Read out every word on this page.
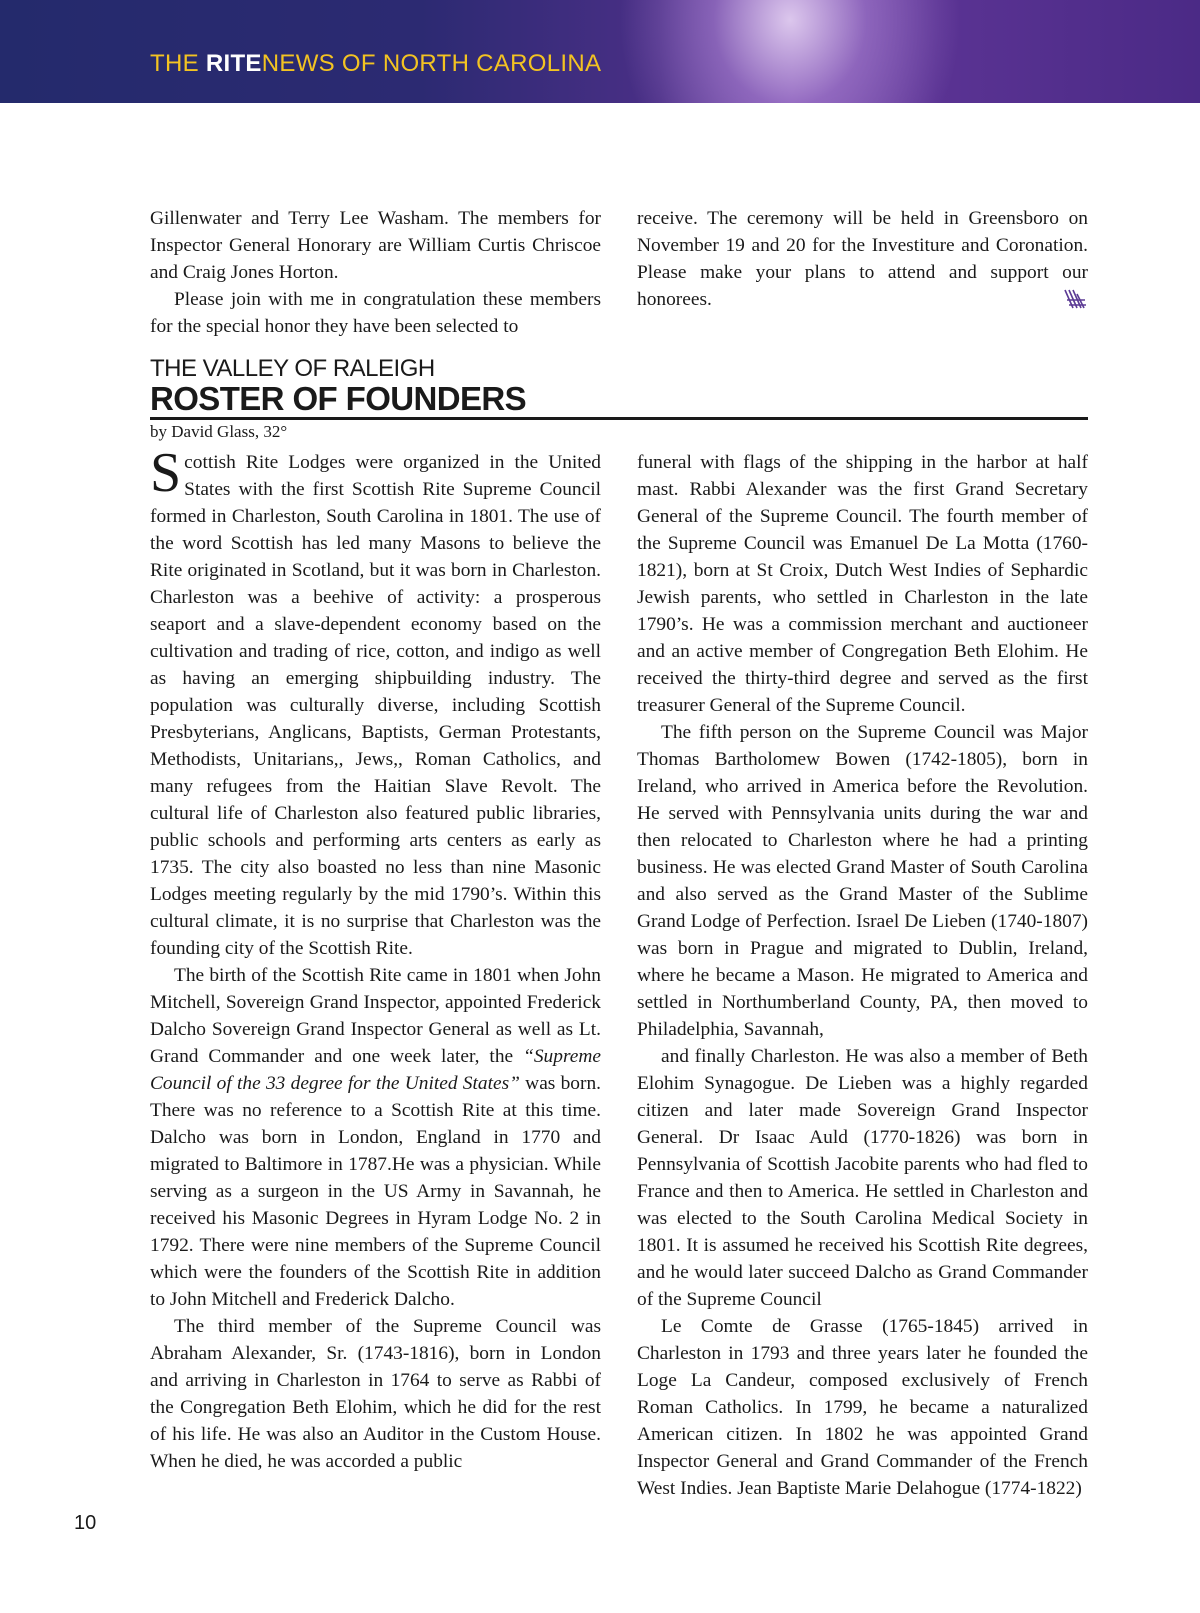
THE RITENEWS OF NORTH CAROLINA

Gillenwater and Terry Lee Washam. The members for Inspector General Honorary are William Curtis Chriscoe and Craig Jones Horton.

Please join with me in congratulation these members for the special honor they have been selected to

receive. The ceremony will be held in Greensboro on November 19 and 20 for the Investiture and Coronation. Please make your plans to attend and support our honorees.

THE VALLEY OF RALEIGH
ROSTER OF FOUNDERS
by David Glass, 32°

Scottish Rite Lodges were organized in the United States with the first Scottish Rite Supreme Council formed in Charleston, South Carolina in 1801. The use of the word Scottish has led many Masons to believe the Rite originated in Scotland, but it was born in Charleston. Charleston was a beehive of activity: a prosperous seaport and a slave-dependent economy based on the cultivation and trading of rice, cotton, and indigo as well as having an emerging shipbuilding industry. The population was culturally diverse, including Scottish Presbyterians, Anglicans, Baptists, German Protestants, Methodists, Unitarians,, Jews,, Roman Catholics, and many refugees from the Haitian Slave Revolt. The cultural life of Charleston also featured public libraries, public schools and performing arts centers as early as 1735. The city also boasted no less than nine Masonic Lodges meeting regularly by the mid 1790’s. Within this cultural climate, it is no surprise that Charleston was the founding city of the Scottish Rite.

The birth of the Scottish Rite came in 1801 when John Mitchell, Sovereign Grand Inspector, appointed Frederick Dalcho Sovereign Grand Inspector General as well as Lt. Grand Commander and one week later, the “Supreme Council of the 33 degree for the United States” was born. There was no reference to a Scottish Rite at this time. Dalcho was born in London, England in 1770 and migrated to Baltimore in 1787.He was a physician. While serving as a surgeon in the US Army in Savannah, he received his Masonic Degrees in Hyram Lodge No. 2 in 1792. There were nine members of the Supreme Council which were the founders of the Scottish Rite in addition to John Mitchell and Frederick Dalcho.

The third member of the Supreme Council was Abraham Alexander, Sr. (1743-1816), born in London and arriving in Charleston in 1764 to serve as Rabbi of the Congregation Beth Elohim, which he did for the rest of his life. He was also an Auditor in the Custom House. When he died, he was accorded a public

funeral with flags of the shipping in the harbor at half mast. Rabbi Alexander was the first Grand Secretary General of the Supreme Council. The fourth member of the Supreme Council was Emanuel De La Motta (1760-1821), born at St Croix, Dutch West Indies of Sephardic Jewish parents, who settled in Charleston in the late 1790’s. He was a commission merchant and auctioneer and an active member of Congregation Beth Elohim. He received the thirty-third degree and served as the first treasurer General of the Supreme Council.

The fifth person on the Supreme Council was Major Thomas Bartholomew Bowen (1742-1805), born in Ireland, who arrived in America before the Revolution. He served with Pennsylvania units during the war and then relocated to Charleston where he had a printing business. He was elected Grand Master of South Carolina and also served as the Grand Master of the Sublime Grand Lodge of Perfection. Israel De Lieben (1740-1807) was born in Prague and migrated to Dublin, Ireland, where he became a Mason. He migrated to America and settled in Northumberland County, PA, then moved to Philadelphia, Savannah,

and finally Charleston. He was also a member of Beth Elohim Synagogue. De Lieben was a highly regarded citizen and later made Sovereign Grand Inspector General. Dr Isaac Auld (1770-1826) was born in Pennsylvania of Scottish Jacobite parents who had fled to France and then to America. He settled in Charleston and was elected to the South Carolina Medical Society in 1801. It is assumed he received his Scottish Rite degrees, and he would later succeed Dalcho as Grand Commander of the Supreme Council

Le Comte de Grasse (1765-1845) arrived in Charleston in 1793 and three years later he founded the Loge La Candeur, composed exclusively of French Roman Catholics. In 1799, he became a naturalized American citizen. In 1802 he was appointed Grand Inspector General and Grand Commander of the French West Indies. Jean Baptiste Marie Delahogue (1774-1822)

10
